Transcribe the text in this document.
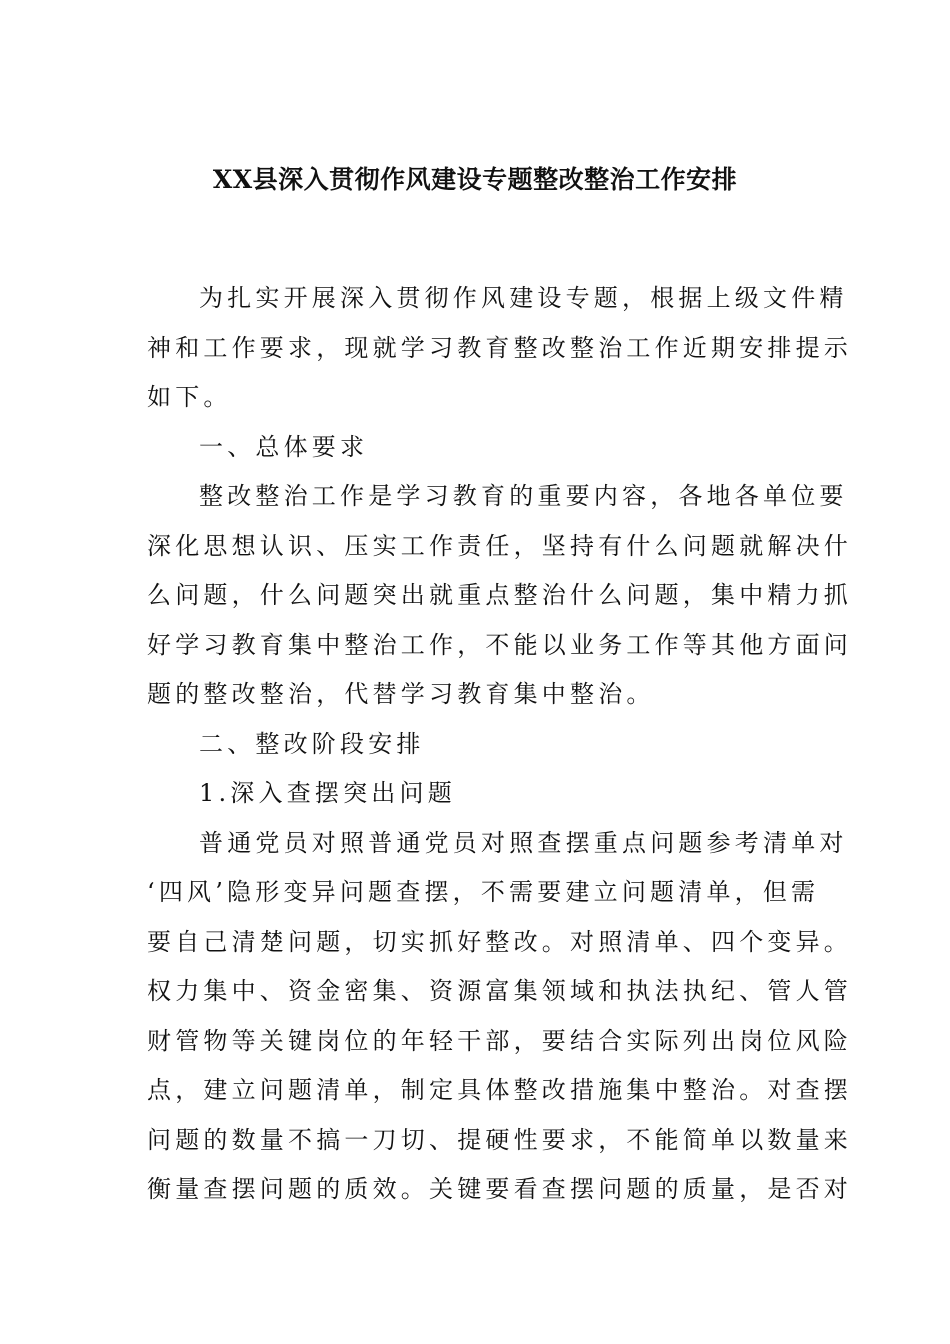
XX县深入贯彻作风建设专题整改整治工作安排
为扎实开展深入贯彻作风建设专题，根据上级文件精
神和工作要求，现就学习教育整改整治工作近期安排提示
如下。
一、总体要求
整改整治工作是学习教育的重要内容，各地各单位要
深化思想认识、压实工作责任，坚持有什么问题就解决什
么问题，什么问题突出就重点整治什么问题，集中精力抓
好学习教育集中整治工作，不能以业务工作等其他方面问
题的整改整治，代替学习教育集中整治。
二、整改阶段安排
1.深入查摆突出问题
普通党员对照普通党员对照查摆重点问题参考清单对
‘四风’隐形变异问题查摆，不需要建立问题清单，但需
要自己清楚问题，切实抓好整改。对照清单、四个变异。
权力集中、资金密集、资源富集领域和执法执纪、管人管
财管物等关键岗位的年轻干部，要结合实际列出岗位风险
点，建立问题清单，制定具体整改措施集中整治。对查摆
问题的数量不搞一刀切、提硬性要求，不能简单以数量来
衡量查摆问题的质效。关键要看查摆问题的质量，是否对
